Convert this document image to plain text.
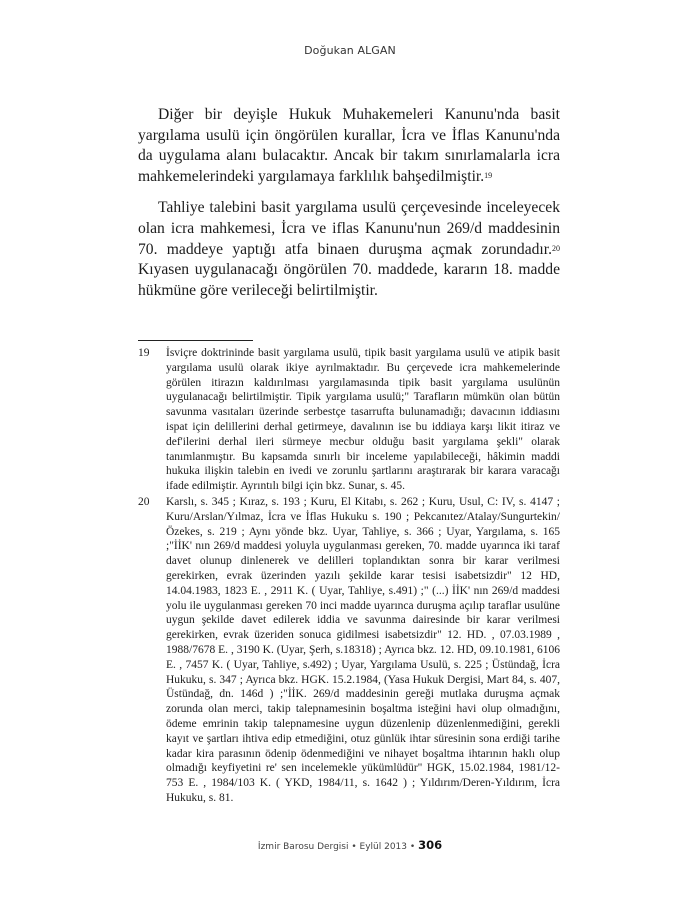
Doğukan ALGAN

Diğer bir deyişle Hukuk Muhakemeleri Kanunu'nda basit yargılama usulü için öngörülen kurallar, İcra ve İflas Kanunu'nda da uygulama alanı bulacaktır. Ancak bir takım sınırlamalarla icra mahkemelerindeki yargılamaya farklılık bahşedilmiştir.$^{19}$

Tahliye talebini basit yargılama usulü çerçevesinde inceleyecek olan icra mahkemesi, İcra ve iflas Kanunu'nun 269/d maddesinin 70. maddeye yaptığı atfa binaen duruşma açmak zorundadır.$^{20}$ Kıyasen uygulanacağı öngörülen 70. maddede, kararın 18. madde hükmüne göre verileceği belirtilmiştir.

19	İsviçre doktrininde basit yargılama usulü, tipik basit yargılama usulü ve atipik basit yargılama usulü olarak ikiye ayrılmaktadır. Bu çerçevede icra mahkemelerinde görülen itirazın kaldırılması yargılamasında tipik basit yargılama usulünün uygulanacağı belirtilmiştir. Tipik yargılama usulü;" Tarafların mümkün olan bütün savunma vasıtaları üzerinde serbestçe tasarrufta bulunamadığı; davacının iddiasını ispat için delillerini derhal getirmeye, davalının ise bu iddiaya karşı likit itiraz ve def'ilerini derhal ileri sürmeye mecbur olduğu basit yargılama şekli" olarak tanımlanmıştır. Bu kapsamda sınırlı bir inceleme yapılabileceği, hâkimin maddi hukuka ilişkin talebin en ivedi ve zorunlu şartlarını araştırarak bir karara varacağı ifade edilmiştir. Ayrıntılı bilgi için bkz. Sunar, s. 45.
20	Karslı, s. 345 ; Kıraz, s. 193 ; Kuru, El Kitabı, s. 262 ; Kuru, Usul, C: IV, s. 4147 ; Kuru/Arslan/Yılmaz, İcra ve İflas Hukuku s. 190 ; Pekcanıtez/Atalay/Sungurtekin/Özekes, s. 219 ; Aynı yönde bkz. Uyar, Tahliye, s. 366 ; Uyar, Yargılama, s. 165 ;"İİK' nın 269/d maddesi yoluyla uygulanması gereken, 70. madde uyarınca iki taraf davet olunup dinlenerek ve delilleri toplandıktan sonra bir karar verilmesi gerekirken, evrak üzerinden yazılı şekilde karar tesisi isabetsizdir" 12 HD, 14.04.1983, 1823 E. , 2911 K. ( Uyar, Tahliye, s.491) ;" (...) İİK' nın 269/d maddesi yolu ile uygulanması gereken 70 inci madde uyarınca duruşma açılıp taraflar usulüne uygun şekilde davet edilerek iddia ve savunma dairesinde bir karar verilmesi gerekirken, evrak üzeriden sonuca gidilmesi isabetsizdir" 12. HD. , 07.03.1989 , 1988/7678 E. , 3190 K. (Uyar, Şerh, s.18318) ; Ayrıca bkz. 12. HD, 09.10.1981, 6106 E. , 7457 K. ( Uyar, Tahliye, s.492) ; Uyar, Yargılama Usulü, s. 225 ; Üstündağ, İcra Hukuku, s. 347 ; Ayrıca bkz. HGK. 15.2.1984, (Yasa Hukuk Dergisi, Mart 84, s. 407, Üstündağ, dn. 146d ) ;"İİK. 269/d maddesinin gereği mutlaka duruşma açmak zorunda olan merci, takip talepnamesinin boşaltma isteğini havi olup olmadığını, ödeme emrinin takip talepnamesine uygun düzenlenip düzenlenmediğini, gerekli kayıt ve şartları ihtiva edip etmediğini, otuz günlük ihtar süresinin sona erdiği tarihe kadar kira parasının ödenip ödenmediğini ve nihayet boşaltma ihtarının haklı olup olmadığı keyfiyetini re' sen incelemekle yükümlüdür" HGK, 15.02.1984, 1981/12-753 E. , 1984/103 K. ( YKD, 1984/11, s. 1642 ) ; Yıldırım/Deren-Yıldırım, İcra Hukuku, s. 81.
İzmir Barosu Dergisi • Eylül 2013 • 306
